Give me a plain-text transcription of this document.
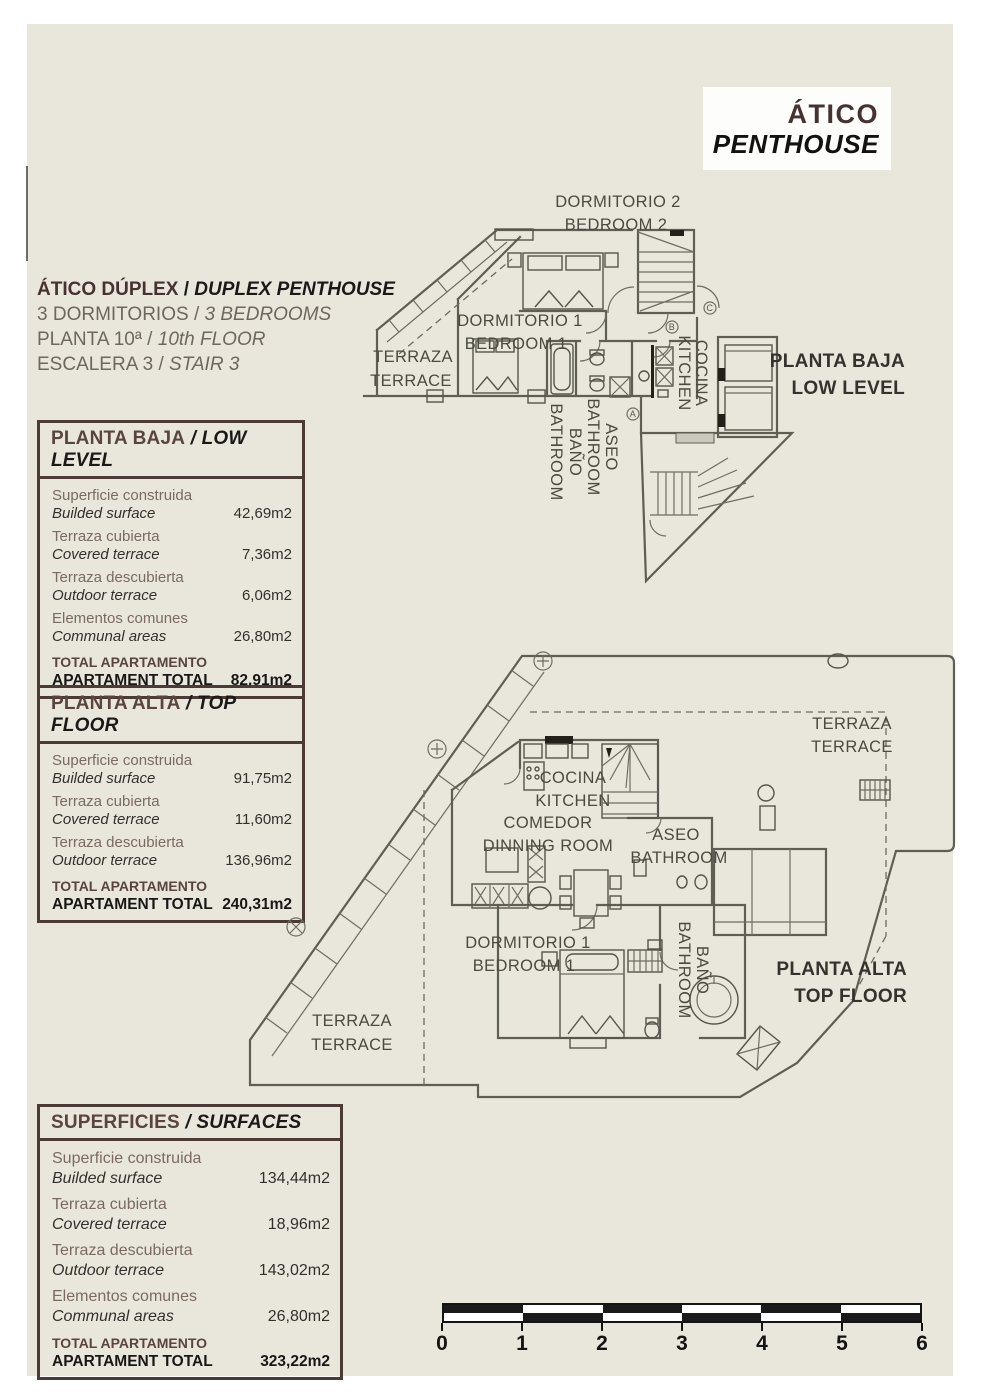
ÁTICO
PENTHOUSE
ÁTICO DÚPLEX / DUPLEX PENTHOUSE
3 DORMITORIOS / 3 BEDROOMS
PLANTA 10ª / 10th FLOOR
ESCALERA 3 / STAIR 3
PLANTA BAJA / LOW LEVEL
Superficie construida
Builded surface	42,69m2
Terraza cubierta
Covered terrace	7,36m2
Terraza descubierta
Outdoor terrace	6,06m2
Elementos comunes
Communal areas	26,80m2
TOTAL APARTAMENTO
APARTAMENT TOTAL 82,91m2
PLANTA ALTA / TOP FLOOR
Superficie construida
Builded surface	91,75m2
Terraza cubierta
Covered terrace	11,60m2
Terraza descubierta
Outdoor terrace	136,96m2
TOTAL APARTAMENTO
APARTAMENT TOTAL 240,31m2
SUPERFICIES / SURFACES
Superficie construida
Builded surface	134,44m2
Terraza cubierta
Covered terrace	18,96m2
Terraza descubierta
Outdoor terrace	143,02m2
Elementos comunes
Communal areas	26,80m2
TOTAL APARTAMENTO
APARTAMENT TOTAL	323,22m2
A
B
C
DORMITORIO 2
BEDROOM 2
DORMITORIO 1
BEDROOM 1
TERRAZA
TERRACE
BAÑO
BATHROOM ASEO
BATHROOM
COCINA
KITCHEN	PLANTA BAJA
LOW LEVEL
TERRAZA
TERRACE
COCINA
KITCHEN
COMEDOR
DINNING ROOM
ASEO
BATHROOM
DORMITORIO 1
BEDROOM 1	BAÑO
BATHROOM
TERRAZA
TERRACE
PLANTA ALTA
TOP FLOOR
0	1	2	3	4	5	6
